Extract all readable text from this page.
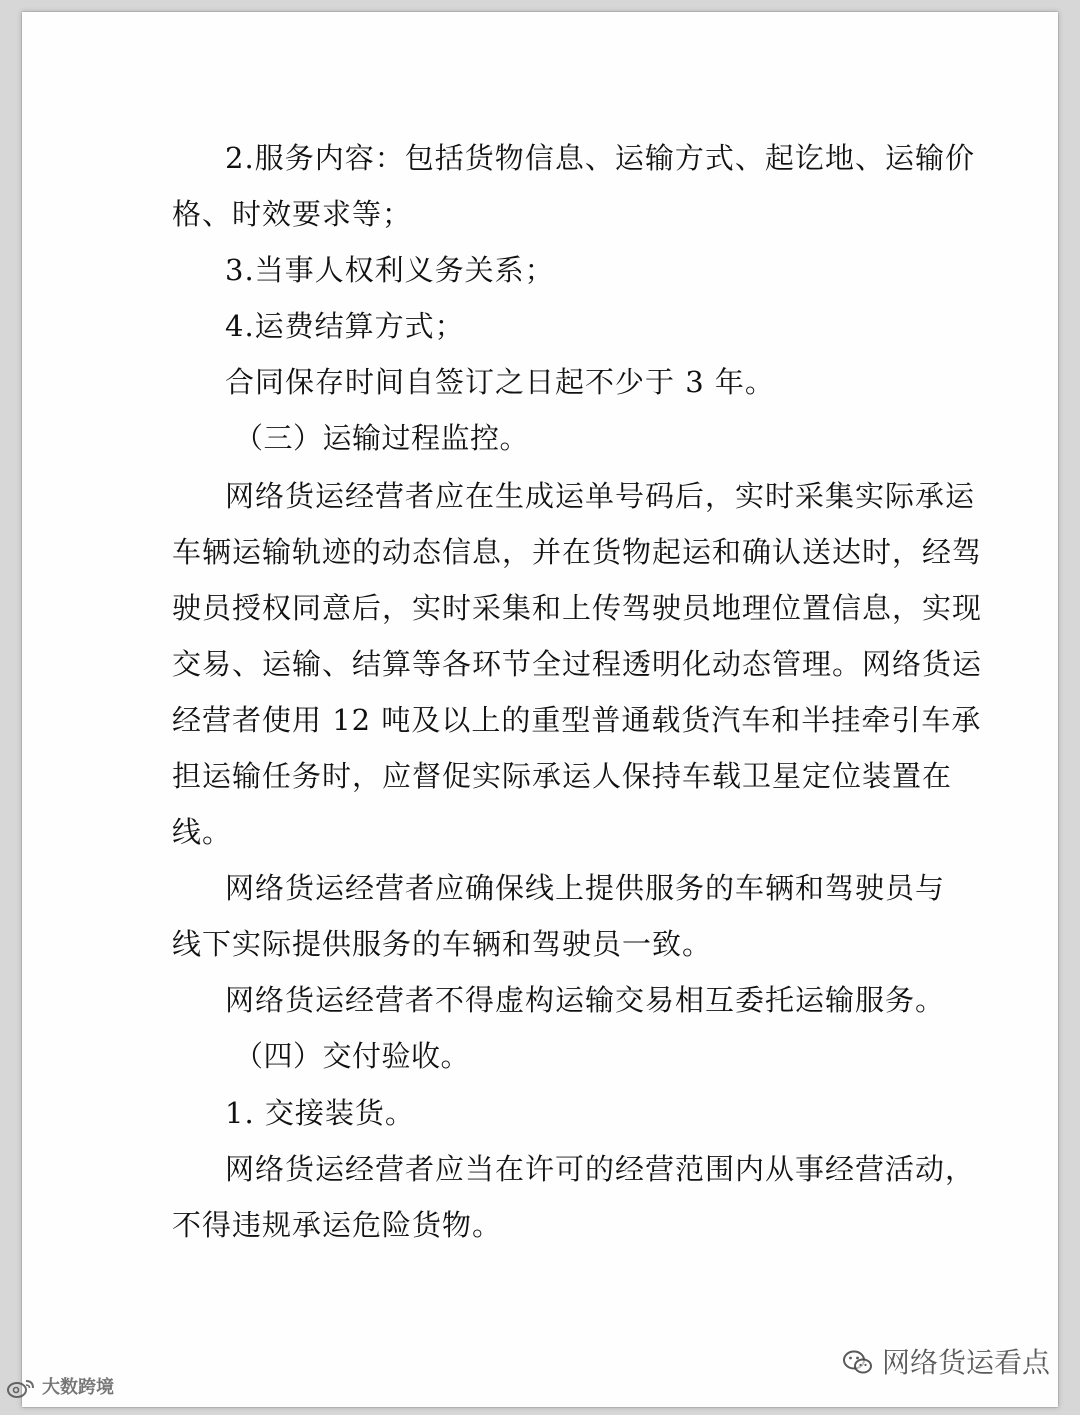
2.服务内容：包括货物信息、运输方式、起讫地、运输价
格、时效要求等；
3.当事人权利义务关系；
4.运费结算方式；
合同保存时间自签订之日起不少于 3 年。
（三）运输过程监控。
网络货运经营者应在生成运单号码后，实时采集实际承运
车辆运输轨迹的动态信息，并在货物起运和确认送达时，经驾
驶员授权同意后，实时采集和上传驾驶员地理位置信息，实现
交易、运输、结算等各环节全过程透明化动态管理。网络货运
经营者使用 12 吨及以上的重型普通载货汽车和半挂牵引车承
担运输任务时，应督促实际承运人保持车载卫星定位装置在
线。
网络货运经营者应确保线上提供服务的车辆和驾驶员与
线下实际提供服务的车辆和驾驶员一致。
网络货运经营者不得虚构运输交易相互委托运输服务。
（四）交付验收。
1. 交接装货。
网络货运经营者应当在许可的经营范围内从事经营活动，
不得违规承运危险货物。
网络货运看点
大数跨境
